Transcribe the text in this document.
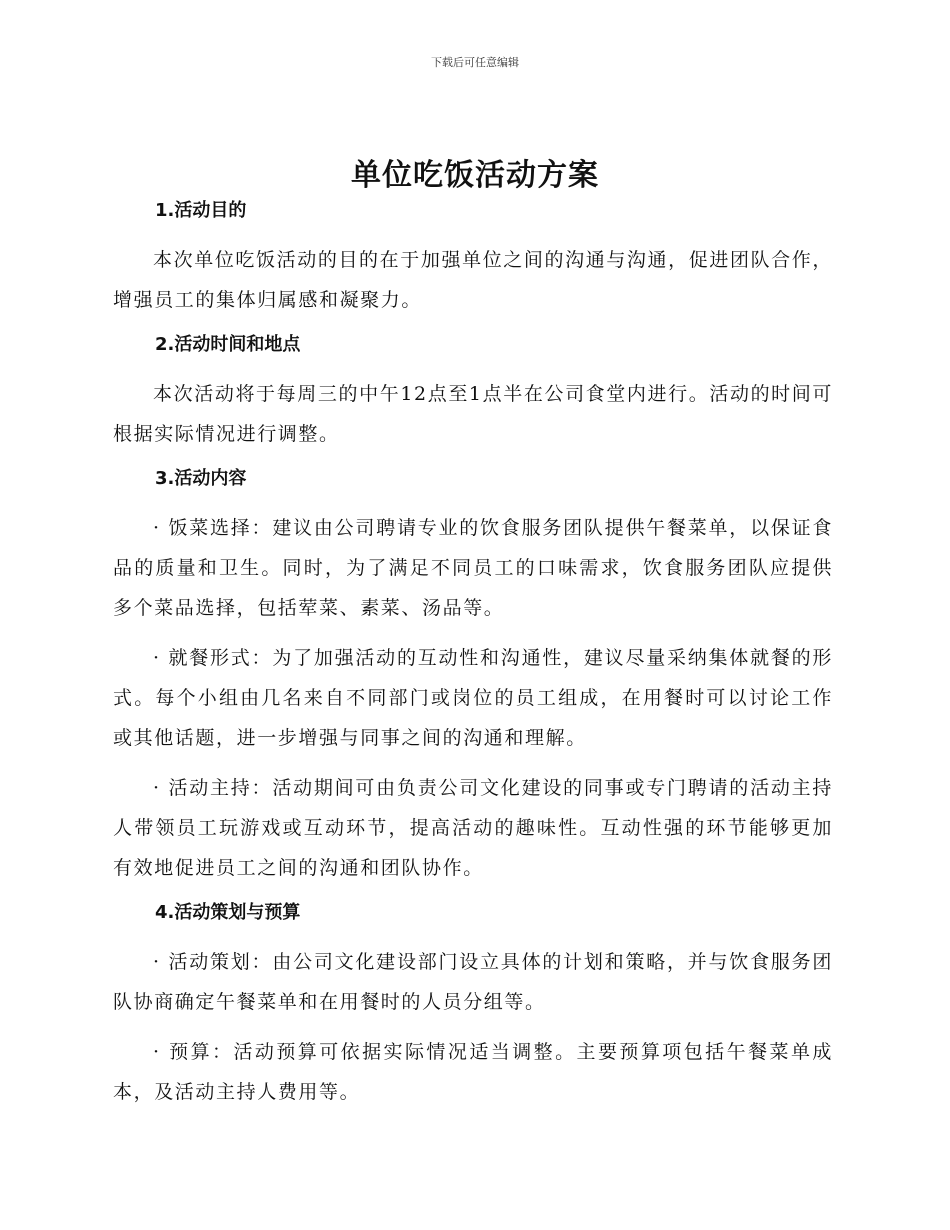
下载后可任意编辑
单位吃饭活动方案
1.活动目的

本次单位吃饭活动的目的在于加强单位之间的沟通与沟通，促进团队合作，增强员工的集体归属感和凝聚力。

2.活动时间和地点

本次活动将于每周三的中午12点至1点半在公司食堂内进行。活动的时间可根据实际情况进行调整。

3.活动内容

· 饭菜选择：建议由公司聘请专业的饮食服务团队提供午餐菜单，以保证食品的质量和卫生。同时，为了满足不同员工的口味需求，饮食服务团队应提供多个菜品选择，包括荤菜、素菜、汤品等。

· 就餐形式：为了加强活动的互动性和沟通性，建议尽量采纳集体就餐的形式。每个小组由几名来自不同部门或岗位的员工组成，在用餐时可以讨论工作或其他话题，进一步增强与同事之间的沟通和理解。

· 活动主持：活动期间可由负责公司文化建设的同事或专门聘请的活动主持人带领员工玩游戏或互动环节，提高活动的趣味性。互动性强的环节能够更加有效地促进员工之间的沟通和团队协作。

4.活动策划与预算

· 活动策划：由公司文化建设部门设立具体的计划和策略，并与饮食服务团队协商确定午餐菜单和在用餐时的人员分组等。

· 预算：活动预算可依据实际情况适当调整。主要预算项包括午餐菜单成本，及活动主持人费用等。
